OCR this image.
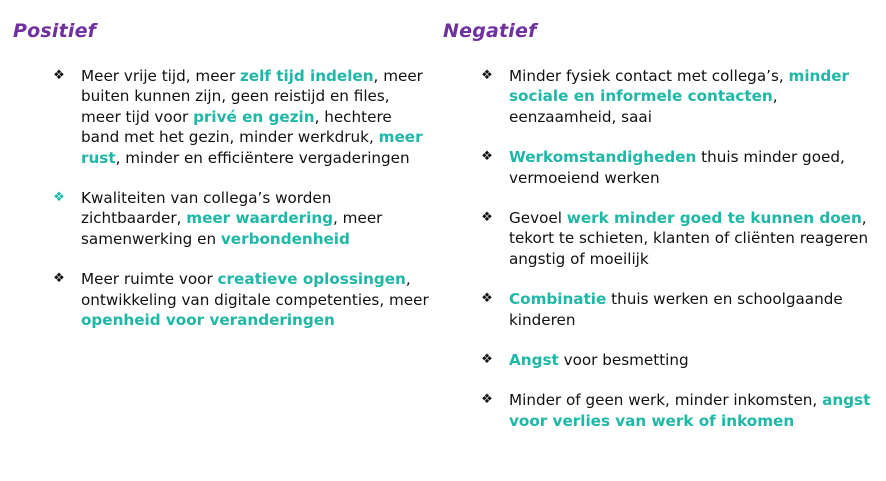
Positief
❖ Meer vrije tijd, meer zelf tijd indelen, meer buiten kunnen zijn, geen reistijd en files, meer tijd voor privé en gezin, hechtere band met het gezin, minder werkdruk, meer rust, minder en efficiëntere vergaderingen
❖ Kwaliteiten van collega’s worden zichtbaarder, meer waardering, meer samenwerking en verbondenheid
❖ Meer ruimte voor creatieve oplossingen, ontwikkeling van digitale competenties, meer openheid voor veranderingen
Negatief
❖ Minder fysiek contact met collega’s, minder sociale en informele contacten, eenzaamheid, saai
❖ Werkomstandigheden thuis minder goed, vermoeiend werken
❖ Gevoel werk minder goed te kunnen doen, tekort te schieten, klanten of cliënten reageren angstig of moeilijk
❖ Combinatie thuis werken en schoolgaande kinderen
❖ Angst voor besmetting
❖ Minder of geen werk, minder inkomsten, angst voor verlies van werk of inkomen
